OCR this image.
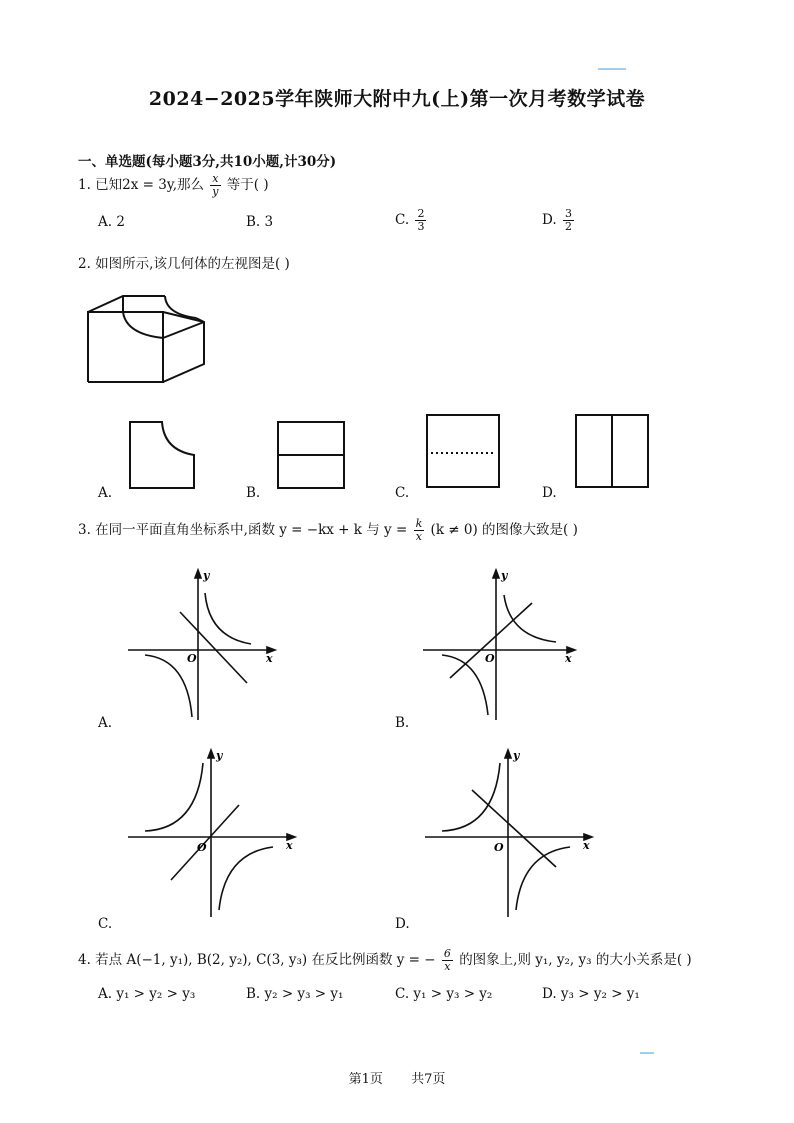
2024−2025学年陕师大附中九(上)第一次月考数学试卷
一、单选题(每小题3分,共10小题,计30分)
1. 已知2x = 3y,那么 $\frac{x}{y}$ 等于( )
A. 2	B. 3	C. $\frac{2}{3}$	D. $\frac{3}{2}$
2. 如图所示,该几何体的左视图是( )
A.	B.	C.	D.
3. 在同一平面直角坐标系中,函数 y = −kx + k 与 $y = \frac{k}{x} (k \ne 0)$ 的图像大致是( )
y
x
O
y
x
O
A.	B.
y
x
O
y
x
O
C.	D.
4. 若点 A(−1, y₁), B(2, y₂), C(3, y₃) 在反比例函数 y = − $\frac{6}{x}$ 的图象上,则 y₁, y₂, y₃ 的大小关系是( )
A. y₁ > y₂ > y₃	B. y₂ > y₃ > y₁	C. y₁ > y₃ > y₂	D. y₃ > y₂ > y₁
第1页 共7页
